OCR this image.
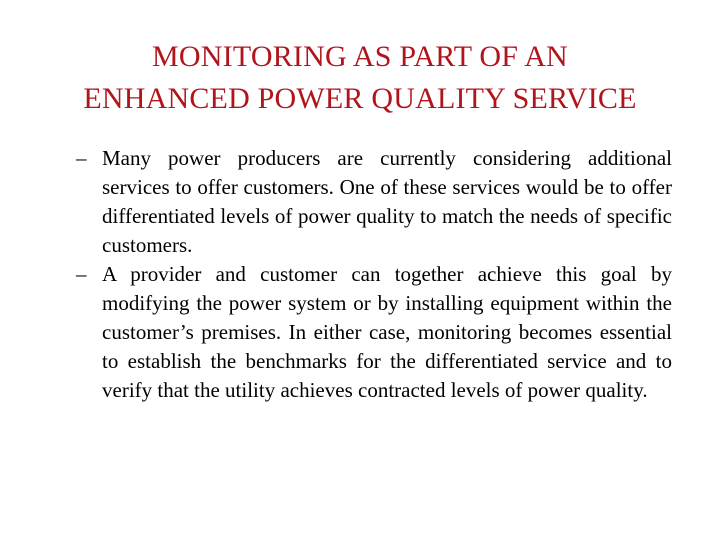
MONITORING AS PART OF AN
ENHANCED POWER QUALITY SERVICE
– Many power producers are currently considering additional services to offer customers. One of these services would be to offer differentiated levels of power quality to match the needs of specific customers.
– A provider and customer can together achieve this goal by modifying the power system or by installing equipment within the customer’s premises. In either case, monitoring becomes essential to establish the benchmarks for the differentiated service and to verify that the utility achieves contracted levels of power quality.
